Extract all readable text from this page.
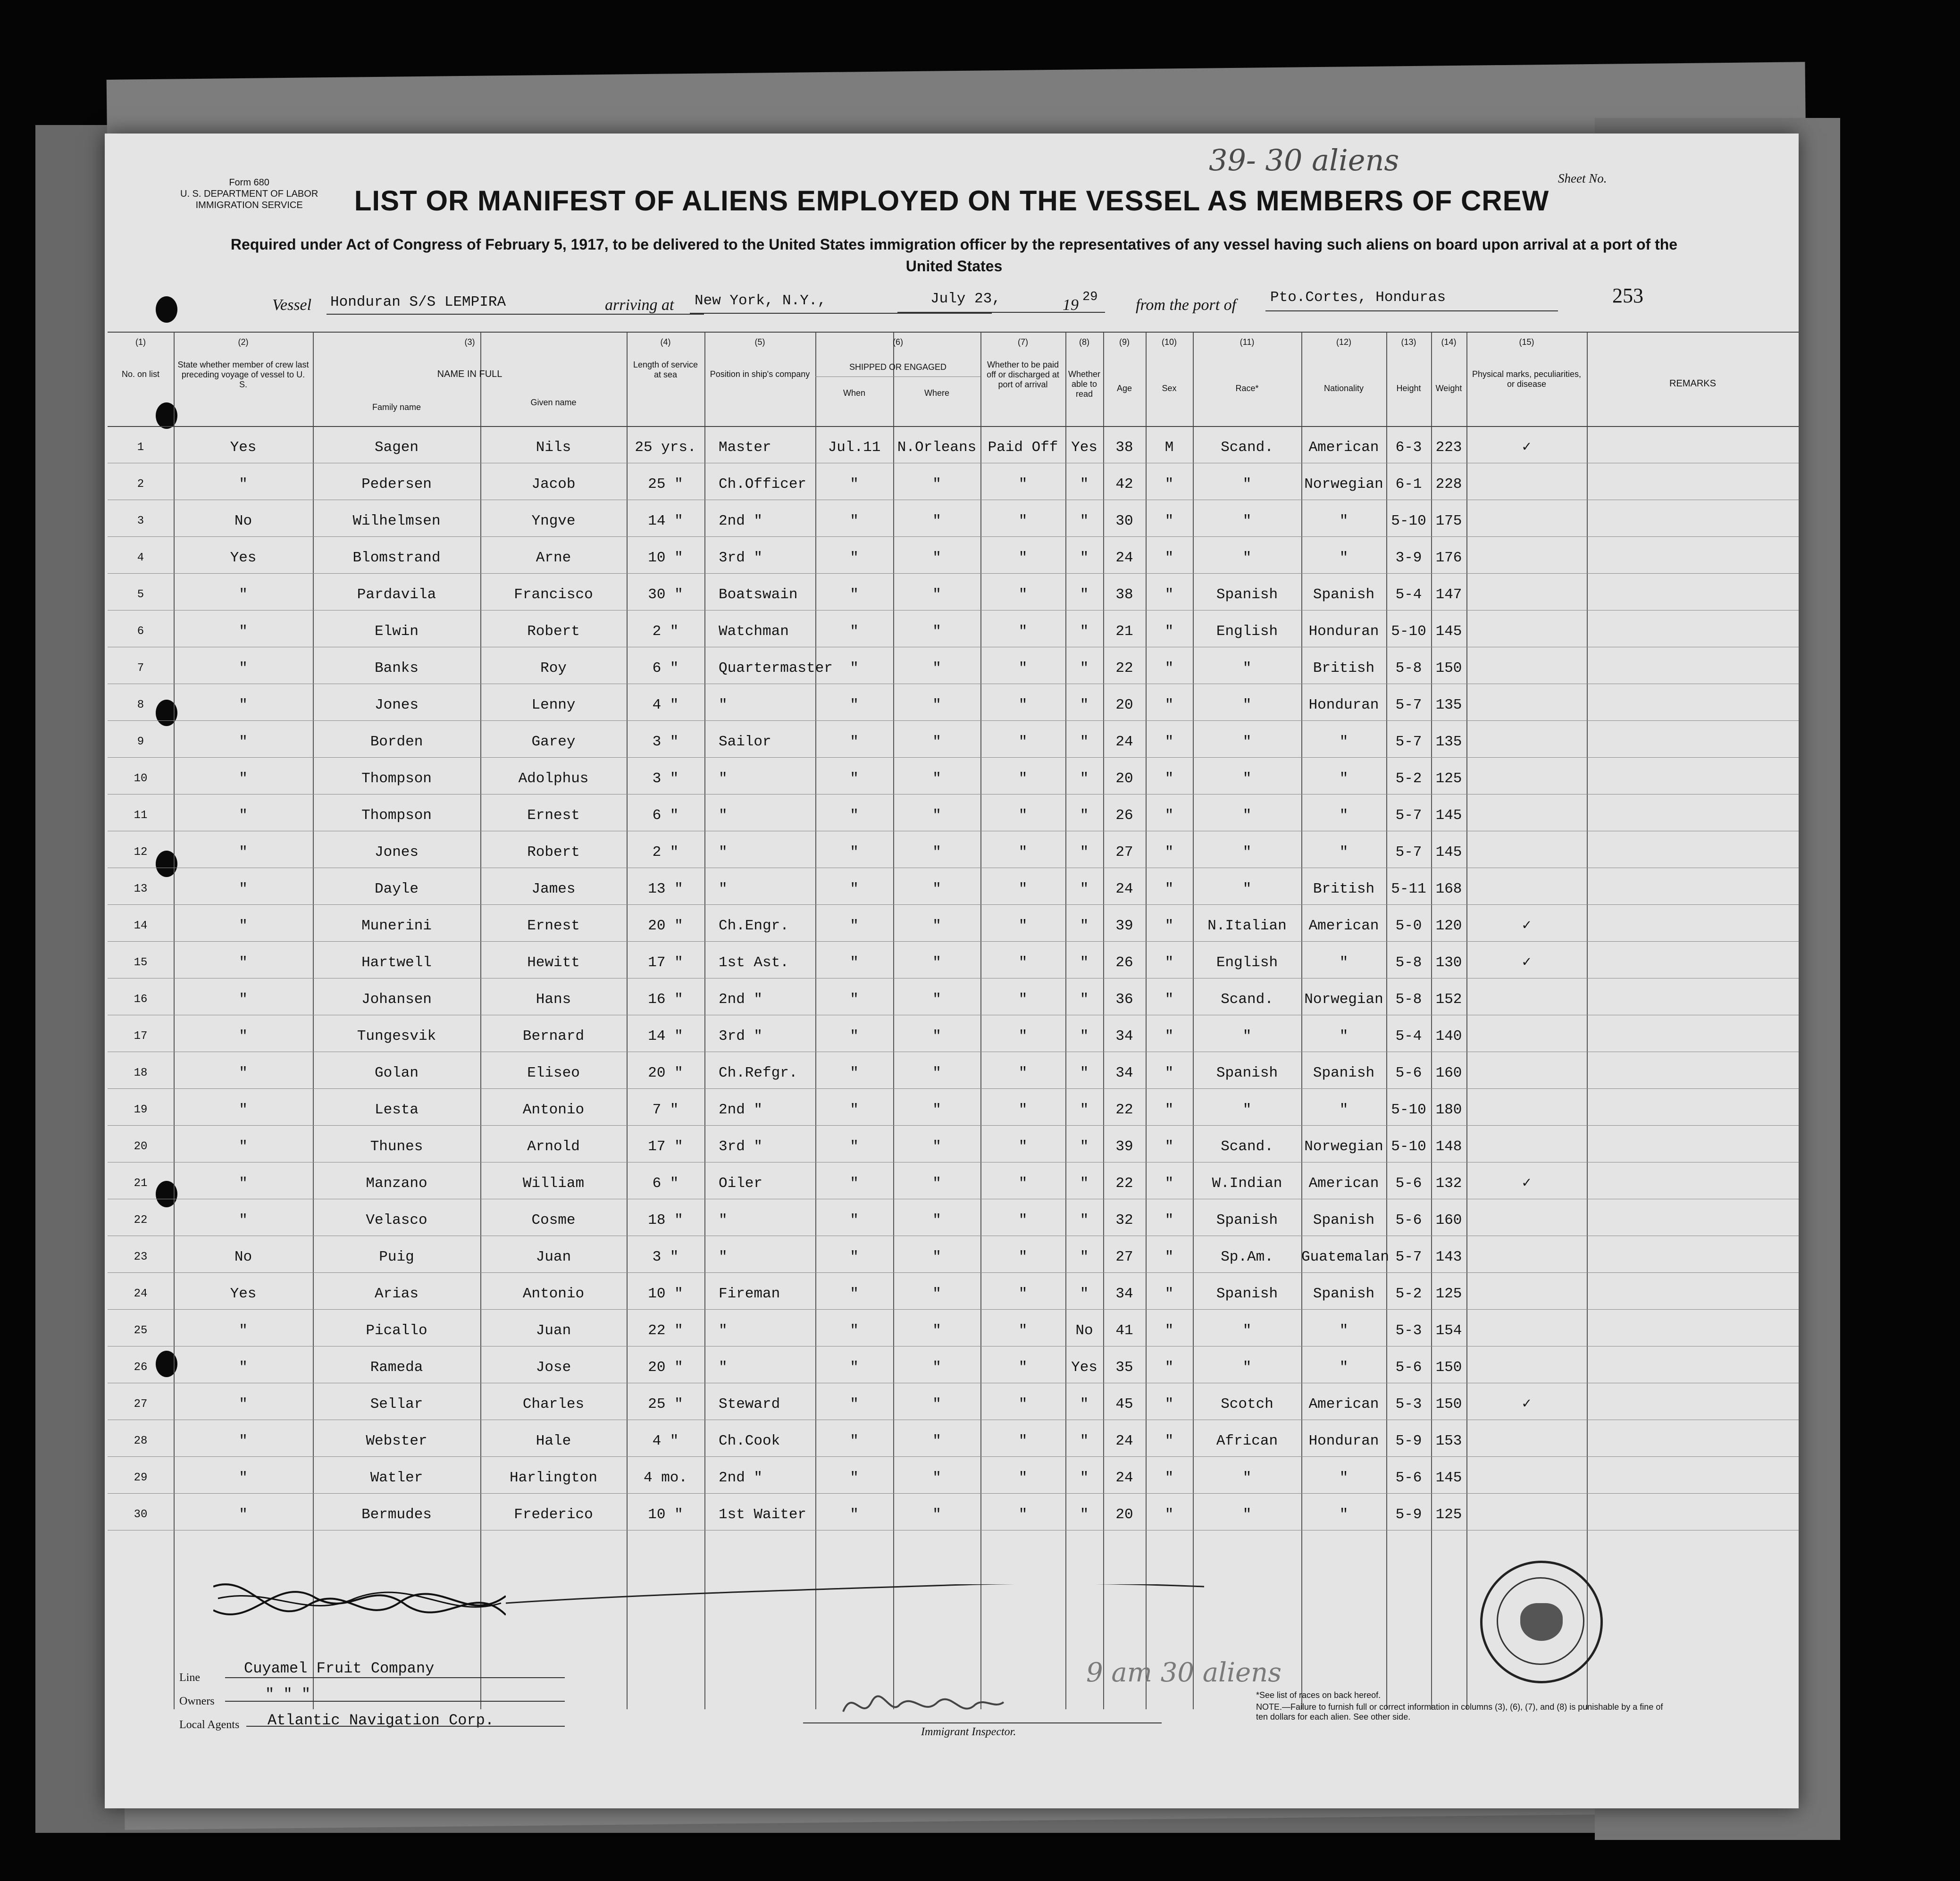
Form 680
U. S. DEPARTMENT OF LABOR
IMMIGRATION SERVICE
39- 30 aliens
Sheet No.
LIST OR MANIFEST OF ALIENS EMPLOYED ON THE VESSEL AS MEMBERS OF CREW
Required under Act of Congress of February 5, 1917, to be delivered to the United States immigration officer by the representatives of any vessel having such aliens on board upon arrival at a port of the United States
Vessel Honduran S/S LEMPIRA	arriving at New York, N.Y.,	July 23,	19 29 from the port of Pto.Cortes, Honduras	253
(1)	(2)	(3)	(4)	(5)	(6)	(7)	(8)	(9)	(10)	(11)	(12)	(13)	(14)	(15)
No. on list
State whether member of crew last preceding voyage of vessel to U. S.
NAME IN FULL
Family name	Given name
Length of service at sea	Position in ship's company
SHIPPED OR ENGAGED
When	Where
Whether to be paid off or discharged at port of arrival
Whether able to read
Age	Sex	Race*	Nationality	Height	Weight
Physical marks, peculiarities, or disease	REMARKS
1	Yes	Sagen	Nils	25 yrs.	Master	Jul.11	N.Orleans Paid Off Yes	38	M	Scand.	American	6-3 223	✓
2	"	Pedersen	Jacob	25 "	Ch.Officer	"	"	"	"	42	"	"	Norwegian 6-1 228
3	No	Wilhelmsen	Yngve	14 "	2nd "	"	"	"	"	30	"	"	"	5-10 175
4	Yes	Blomstrand	Arne	10 "	3rd "	"	"	"	"	24	"	"	"	3-9 176
5	"	Pardavila	Francisco	30 "	Boatswain	"	"	"	"	38	"	Spanish	Spanish	5-4 147
6	"	Elwin	Robert	2 "	Watchman	"	"	"	"	21	"	English	Honduran 5-10 145
7	"	Banks	Roy	6 "	Quartermaster	"	"	"	"	22	"	"	British	5-8 150
8	"	Jones	Lenny	4 "	"	"	"	"	"	20	"	"	Honduran	5-7 135
9	"	Borden	Garey	3 "	Sailor	"	"	"	"	24	"	"	"	5-7 135
10	"	Thompson	Adolphus	3 "	"	"	"	"	"	20	"	"	"	5-2 125
11	"	Thompson	Ernest	6 "	"	"	"	"	"	26	"	"	"	5-7 145
12	"	Jones	Robert	2 "	"	"	"	"	"	27	"	"	"	5-7 145
13	"	Dayle	James	13 "	"	"	"	"	"	24	"	"	British	5-11 168
14	"	Munerini	Ernest	20 "	Ch.Engr.	"	"	"	"	39	"	N.Italian	American	5-0 120	✓
15	"	Hartwell	Hewitt	17 "	1st Ast.	"	"	"	"	26	"	English	"	5-8 130	✓
16	"	Johansen	Hans	16 "	2nd "	"	"	"	"	36	"	Scand.	Norwegian 5-8 152
17	"	Tungesvik	Bernard	14 "	3rd "	"	"	"	"	34	"	"	"	5-4 140
18	"	Golan	Eliseo	20 "	Ch.Refgr.	"	"	"	"	34	"	Spanish	Spanish	5-6 160
19	"	Lesta	Antonio	7 "	2nd "	"	"	"	"	22	"	"	"	5-10 180
20	"	Thunes	Arnold	17 "	3rd "	"	"	"	"	39	"	Scand.	Norwegian 5-10 148
21	"	Manzano	William	6 "	Oiler	"	"	"	"	22	"	W.Indian	American	5-6 132	✓
22	"	Velasco	Cosme	18 "	"	"	"	"	"	32	"	Spanish	Spanish	5-6 160
23	No	Puig	Juan	3 "	"	"	"	"	"	27	"	Sp.Am.	Guatemalan 5-7 143
24	Yes	Arias	Antonio	10 "	Fireman	"	"	"	"	34	"	Spanish	Spanish	5-2 125
25	"	Picallo	Juan	22 "	"	"	"	"	No	41	"	"	"	5-3 154
26	"	Rameda	Jose	20 "	"	"	"	"	Yes	35	"	"	"	5-6 150
27	"	Sellar	Charles	25 "	Steward	"	"	"	"	45	"	Scotch	American	5-3 150	✓
28	"	Webster	Hale	4 "	Ch.Cook	"	"	"	"	24	"	African	Honduran	5-9 153
29	"	Watler	Harlington	4 mo.	2nd "	"	"	"	"	24	"	"	"	5-6 145
30	"	Bermudes	Frederico	10 "	1st Waiter	"	"	"	"	20	"	"	"	5-9 125
Line
Cuyamel Fruit Company
Owners	" " "
Local Agents Atlantic Navigation Corp.
Immigrant Inspector.
9 am 30 aliens
*See list of races on back hereof.
NOTE.—Failure to furnish full or correct information in columns (3), (6), (7), and (8) is punishable by a fine of ten dollars for each alien. See other side.
